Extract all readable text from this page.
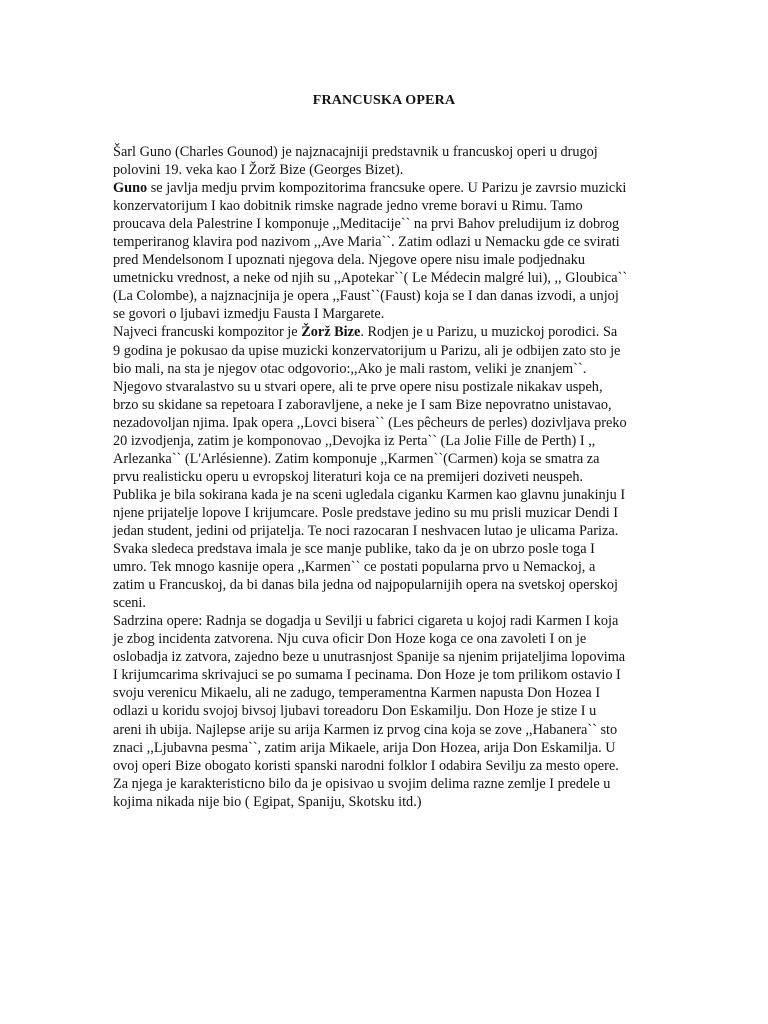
FRANCUSKA OPERA
Šarl Guno (Charles Gounod) je najznacajniji predstavnik u francuskoj operi u drugoj
polovini 19. veka kao I Žorž Bize (Georges Bizet).
Guno se javlja medju prvim kompozitorima francsuke opere. U Parizu je zavrsio muzicki
konzervatorijum I kao dobitnik rimske nagrade jedno vreme boravi u Rimu. Tamo
proucava dela Palestrine I komponuje ,,Meditacije`` na prvi Bahov preludijum iz dobrog
temperiranog klavira pod nazivom ,,Ave Maria``. Zatim odlazi u Nemacku gde ce svirati
pred Mendelsonom I upoznati njegova dela. Njegove opere nisu imale podjednaku
umetnicku vrednost, a neke od njih su ,,Apotekar``( Le Médecin malgré lui), ,, Gloubica``
(La Colombe), a najznacjnija je opera ,,Faust``(Faust) koja se I dan danas izvodi, a unjoj
se govori o ljubavi izmedju Fausta I Margarete.
Najveci francuski kompozitor je Žorž Bize. Rodjen je u Parizu, u muzickoj porodici. Sa
9 godina je pokusao da upise muzicki konzervatorijum u Parizu, ali je odbijen zato sto je
bio mali, na sta je njegov otac odgovorio:,,Ako je mali rastom, veliki je znanjem``.
Njegovo stvaralastvo su u stvari opere, ali te prve opere nisu postizale nikakav uspeh,
brzo su skidane sa repetoara I zaboravljene, a neke je I sam Bize nepovratno unistavao,
nezadovoljan njima. Ipak opera ,,Lovci bisera`` (Les pêcheurs de perles) dozivljava preko
20 izvodjenja, zatim je komponovao ,,Devojka iz Perta`` (La Jolie Fille de Perth) I ,,
Arlezanka`` (L'Arlésienne). Zatim komponuje ,,Karmen``(Carmen) koja se smatra za
prvu realisticku operu u evropskoj literaturi koja ce na premijeri doziveti neuspeh.
Publika je bila sokirana kada je na sceni ugledala ciganku Karmen kao glavnu junakinju I
njene prijatelje lopove I krijumcare. Posle predstave jedino su mu prisli muzicar Dendi I
jedan student, jedini od prijatelja. Te noci razocaran I neshvacen lutao je ulicama Pariza.
Svaka sledeca predstava imala je sce manje publike, tako da je on ubrzo posle toga I
umro. Tek mnogo kasnije opera ,,Karmen`` ce postati popularna prvo u Nemackoj, a
zatim u Francuskoj, da bi danas bila jedna od najpopularnijih opera na svetskoj operskoj
sceni.
Sadrzina opere: Radnja se dogadja u Sevilji u fabrici cigareta u kojoj radi Karmen I koja
je zbog incidenta zatvorena. Nju cuva oficir Don Hoze koga ce ona zavoleti I on je
oslobadja iz zatvora, zajedno beze u unutrasnjost Spanije sa njenim prijateljima lopovima
I krijumcarima skrivajuci se po sumama I pecinama. Don Hoze je tom prilikom ostavio I
svoju verenicu Mikaelu, ali ne zadugo, temperamentna Karmen napusta Don Hozea I
odlazi u koridu svojoj bivsoj ljubavi toreadoru Don Eskamilju. Don Hoze je stize I u
areni ih ubija. Najlepse arije su arija Karmen iz prvog cina koja se zove ,,Habanera`` sto
znaci ,,Ljubavna pesma``, zatim arija Mikaele, arija Don Hozea, arija Don Eskamilja. U
ovoj operi Bize obogato koristi spanski narodni folklor I odabira Sevilju za mesto opere.
Za njega je karakteristicno bilo da je opisivao u svojim delima razne zemlje I predele u
kojima nikada nije bio ( Egipat, Spaniju, Skotsku itd.)
